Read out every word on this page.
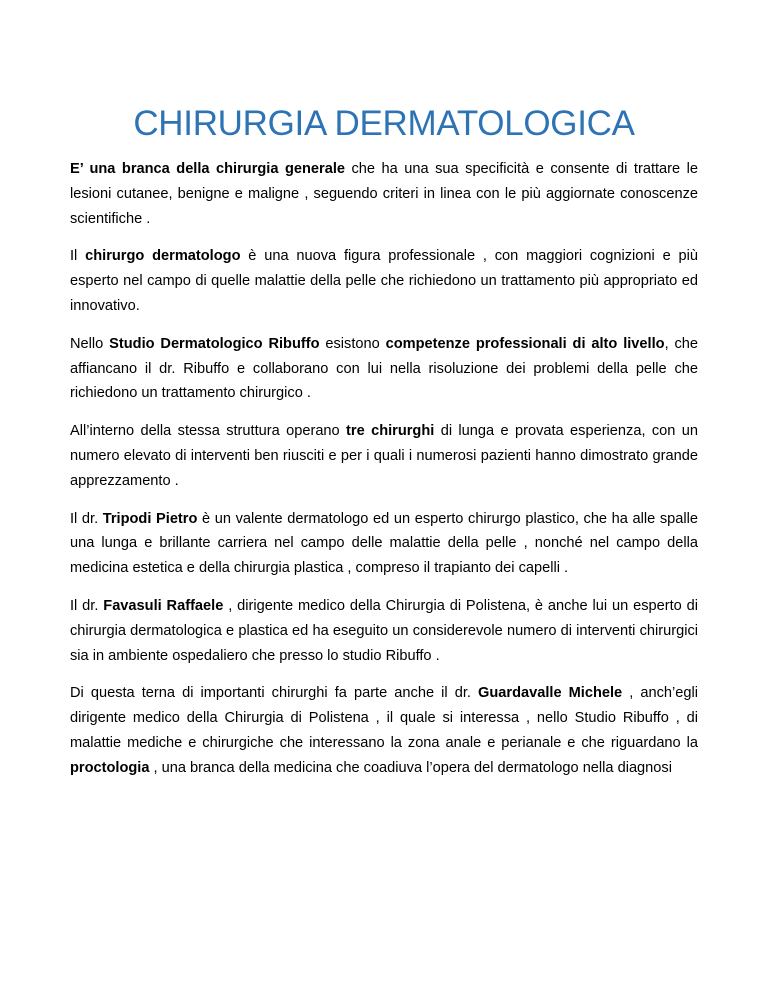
CHIRURGIA DERMATOLOGICA

E’ una branca della chirurgia generale che ha una sua specificità e consente di trattare le lesioni cutanee, benigne e maligne , seguendo criteri in linea con le più aggiornate conoscenze scientifiche .

Il chirurgo dermatologo è una nuova figura professionale , con maggiori cognizioni e più esperto nel campo di quelle malattie della pelle che richiedono un trattamento più appropriato ed innovativo.

Nello Studio Dermatologico Ribuffo esistono competenze professionali di alto livello, che affiancano il dr. Ribuffo e collaborano con lui nella risoluzione dei problemi della pelle che richiedono un trattamento chirurgico .

All’interno della stessa struttura operano tre chirurghi di lunga e provata esperienza, con un numero elevato di interventi ben riusciti e per i quali i numerosi pazienti hanno dimostrato grande apprezzamento .

Il dr. Tripodi Pietro è un valente dermatologo ed un esperto chirurgo plastico, che ha alle spalle una lunga e brillante carriera nel campo delle malattie della pelle , nonché nel campo della medicina estetica e della chirurgia plastica , compreso il trapianto dei capelli .

Il dr. Favasuli Raffaele , dirigente medico della Chirurgia di Polistena, è anche lui un esperto di chirurgia dermatologica e plastica ed ha eseguito un considerevole numero di interventi chirurgici sia in ambiente ospedaliero che presso lo studio Ribuffo .

Di questa terna di importanti chirurghi fa parte anche il dr. Guardavalle Michele , anch’egli dirigente medico della Chirurgia di Polistena , il quale si interessa , nello Studio Ribuffo , di malattie mediche e chirurgiche che interessano la zona anale e perianale e che riguardano la proctologia , una branca della medicina che coadiuva l’opera del dermatologo nella diagnosi
